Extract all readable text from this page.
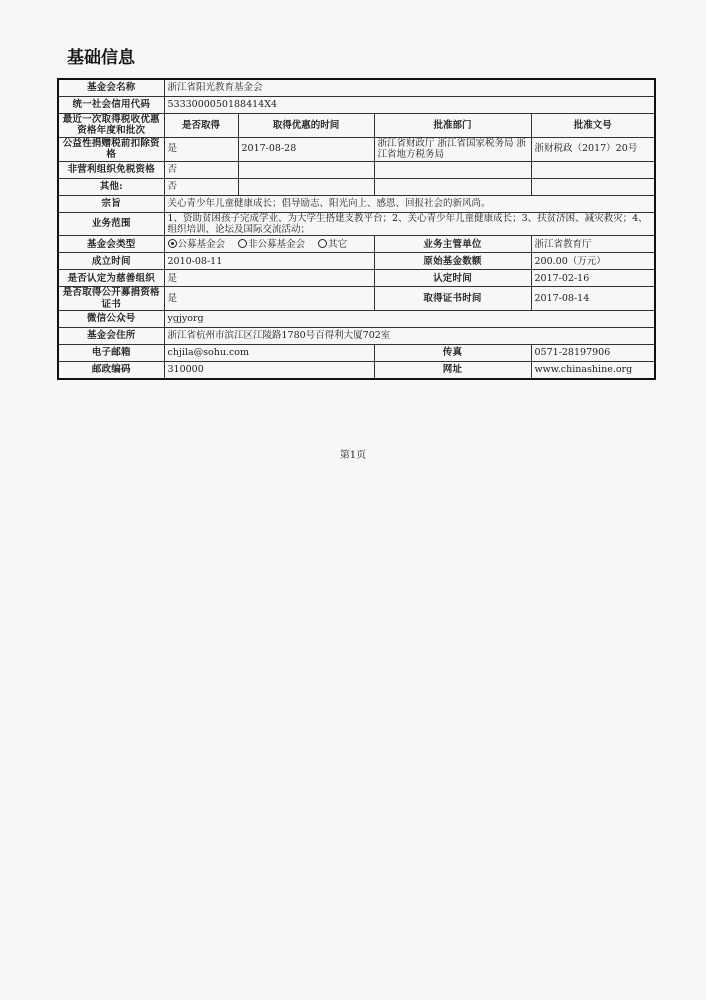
基础信息
基金会名称	浙江省阳光教育基金会			
统一社会信用代码	5333000050188414X4			
最近一次取得税收优惠资格年度和批次	是否取得	取得优惠的时间	批准部门	批准文号
公益性捐赠税前扣除资格	是	2017-08-28	浙江省财政厅 浙江省国家税务局 浙江省地方税务局	浙财税政（2017）20号
非营利组织免税资格	否			
其他:	否			
宗旨	关心青少年儿童健康成长；倡导励志、阳光向上、感恩、回报社会的新风尚。			
业务范围	1、资助贫困孩子完成学业、为大学生搭建支教平台；2、关心青少年儿童健康成长；3、扶贫济困、减灾救灾；4、组织培训、论坛及国际交流活动；			
基金会类型	公募基金会 非公募基金会 其它		业务主管单位	浙江省教育厅
成立时间	2010-08-11		原始基金数额	200.00（万元）
是否认定为慈善组织	是		认定时间	2017-02-16
是否取得公开募捐资格证书	是		取得证书时间	2017-08-14
微信公众号	ygjyorg			
基金会住所	浙江省杭州市滨江区江陵路1780号百得利大厦702室			
电子邮箱	chjila@sohu.com		传真	0571-28197906
邮政编码	310000		网址	www.chinashine.org

第1页
